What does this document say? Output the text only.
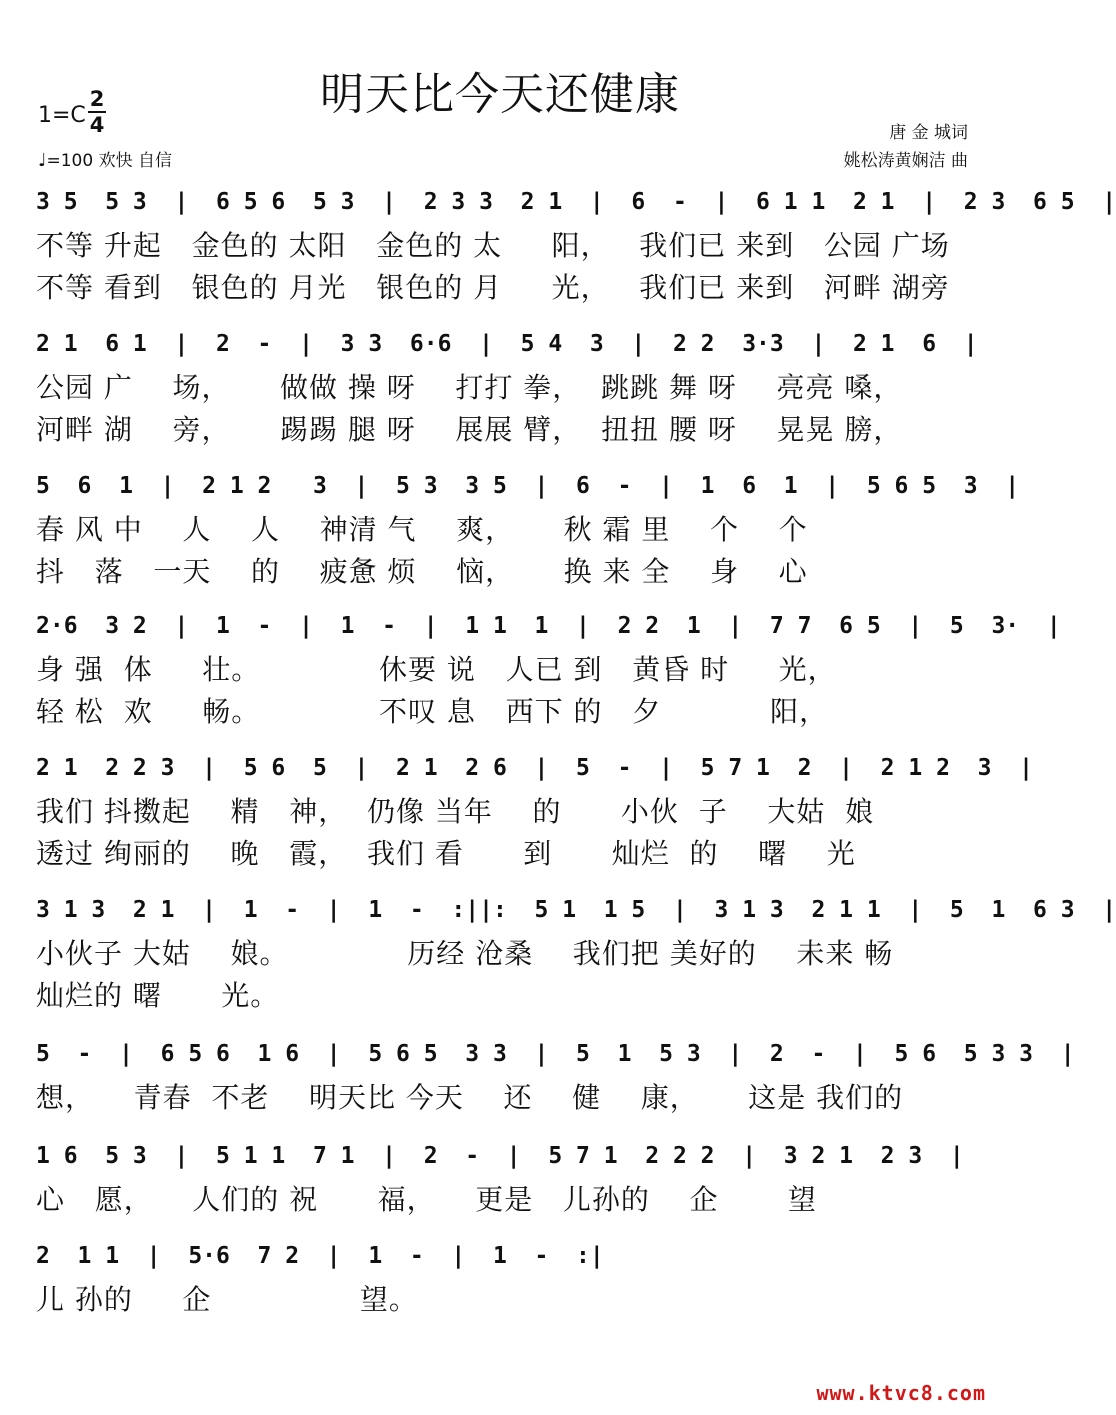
明天比今天还健康
1=C
2
4
♩=100 欢快 自信
唐 金 城词
姚松涛黄娴洁 曲
3 5  5 3  |  6 5 6  5 3  |  2 3 3  2 1  |  6  -  |  6 1 1  2 1  |  2 3  6 5  |
不等 升起   金色的 太阳   金色的 太     阳，   我们已 来到   公园 广场
不等 看到   银色的 月光   银色的 月     光，   我们已 来到   河畔 湖旁
2 1  6 1  |  2  -  |  3 3  6·6  |  5 4  3  |  2 2  3·3  |  2 1  6  |
公园 广    场，     做做 操 呀    打打 拳，  跳跳 舞 呀    亮亮 嗓，
河畔 湖    旁，     踢踢 腿 呀    展展 臂，  扭扭 腰 呀    晃晃 膀，
5  6  1  |  2 1 2   3  |  5 3  3 5  |  6  -  |  1  6  1  |  5 6 5  3  |
春 风 中    人    人    神清 气    爽，     秋 霜 里    个    个
抖   落   一天    的    疲惫 烦    恼，     换 来 全    身    心
2·6  3 2  |  1  -  |  1  -  |  1 1  1  |  2 2  1  |  7 7  6 5  |  5  3·  |
身 强  体     壮。            休要 说   人已 到   黄昏 时     光，
轻 松  欢     畅。            不叹 息   西下 的   夕           阳，
2 1  2 2 3  |  5 6  5  |  2 1  2 6  |  5  -  |  5 7 1  2  |  2 1 2  3  |
我们 抖擞起    精   神，  仍像 当年    的      小伙  子    大姑  娘
透过 绚丽的    晚   霞，  我们 看      到      灿烂  的    曙    光
3 1 3  2 1  |  1  -  |  1  -  :||:  5 1  1 5  |  3 1 3  2 1 1  |  5  1  6 3  |
小伙子 大姑    娘。            历经 沧桑    我们把 美好的    未来 畅
灿烂的 曙      光。
5  -  |  6 5 6  1 6  |  5 6 5  3 3  |  5  1  5 3  |  2  -  |  5 6  5 3 3  |
想，    青春  不老    明天比 今天    还    健    康，     这是 我们的
1 6  5 3  |  5 1 1  7 1  |  2  -  |  5 7 1  2 2 2  |  3 2 1  2 3  |
心   愿，    人们的 祝      福，    更是   儿孙的    企       望
2  1 1  |  5·6  7 2  |  1  -  |  1  -  :|
儿 孙的     企               望。
www.ktvc8.com
